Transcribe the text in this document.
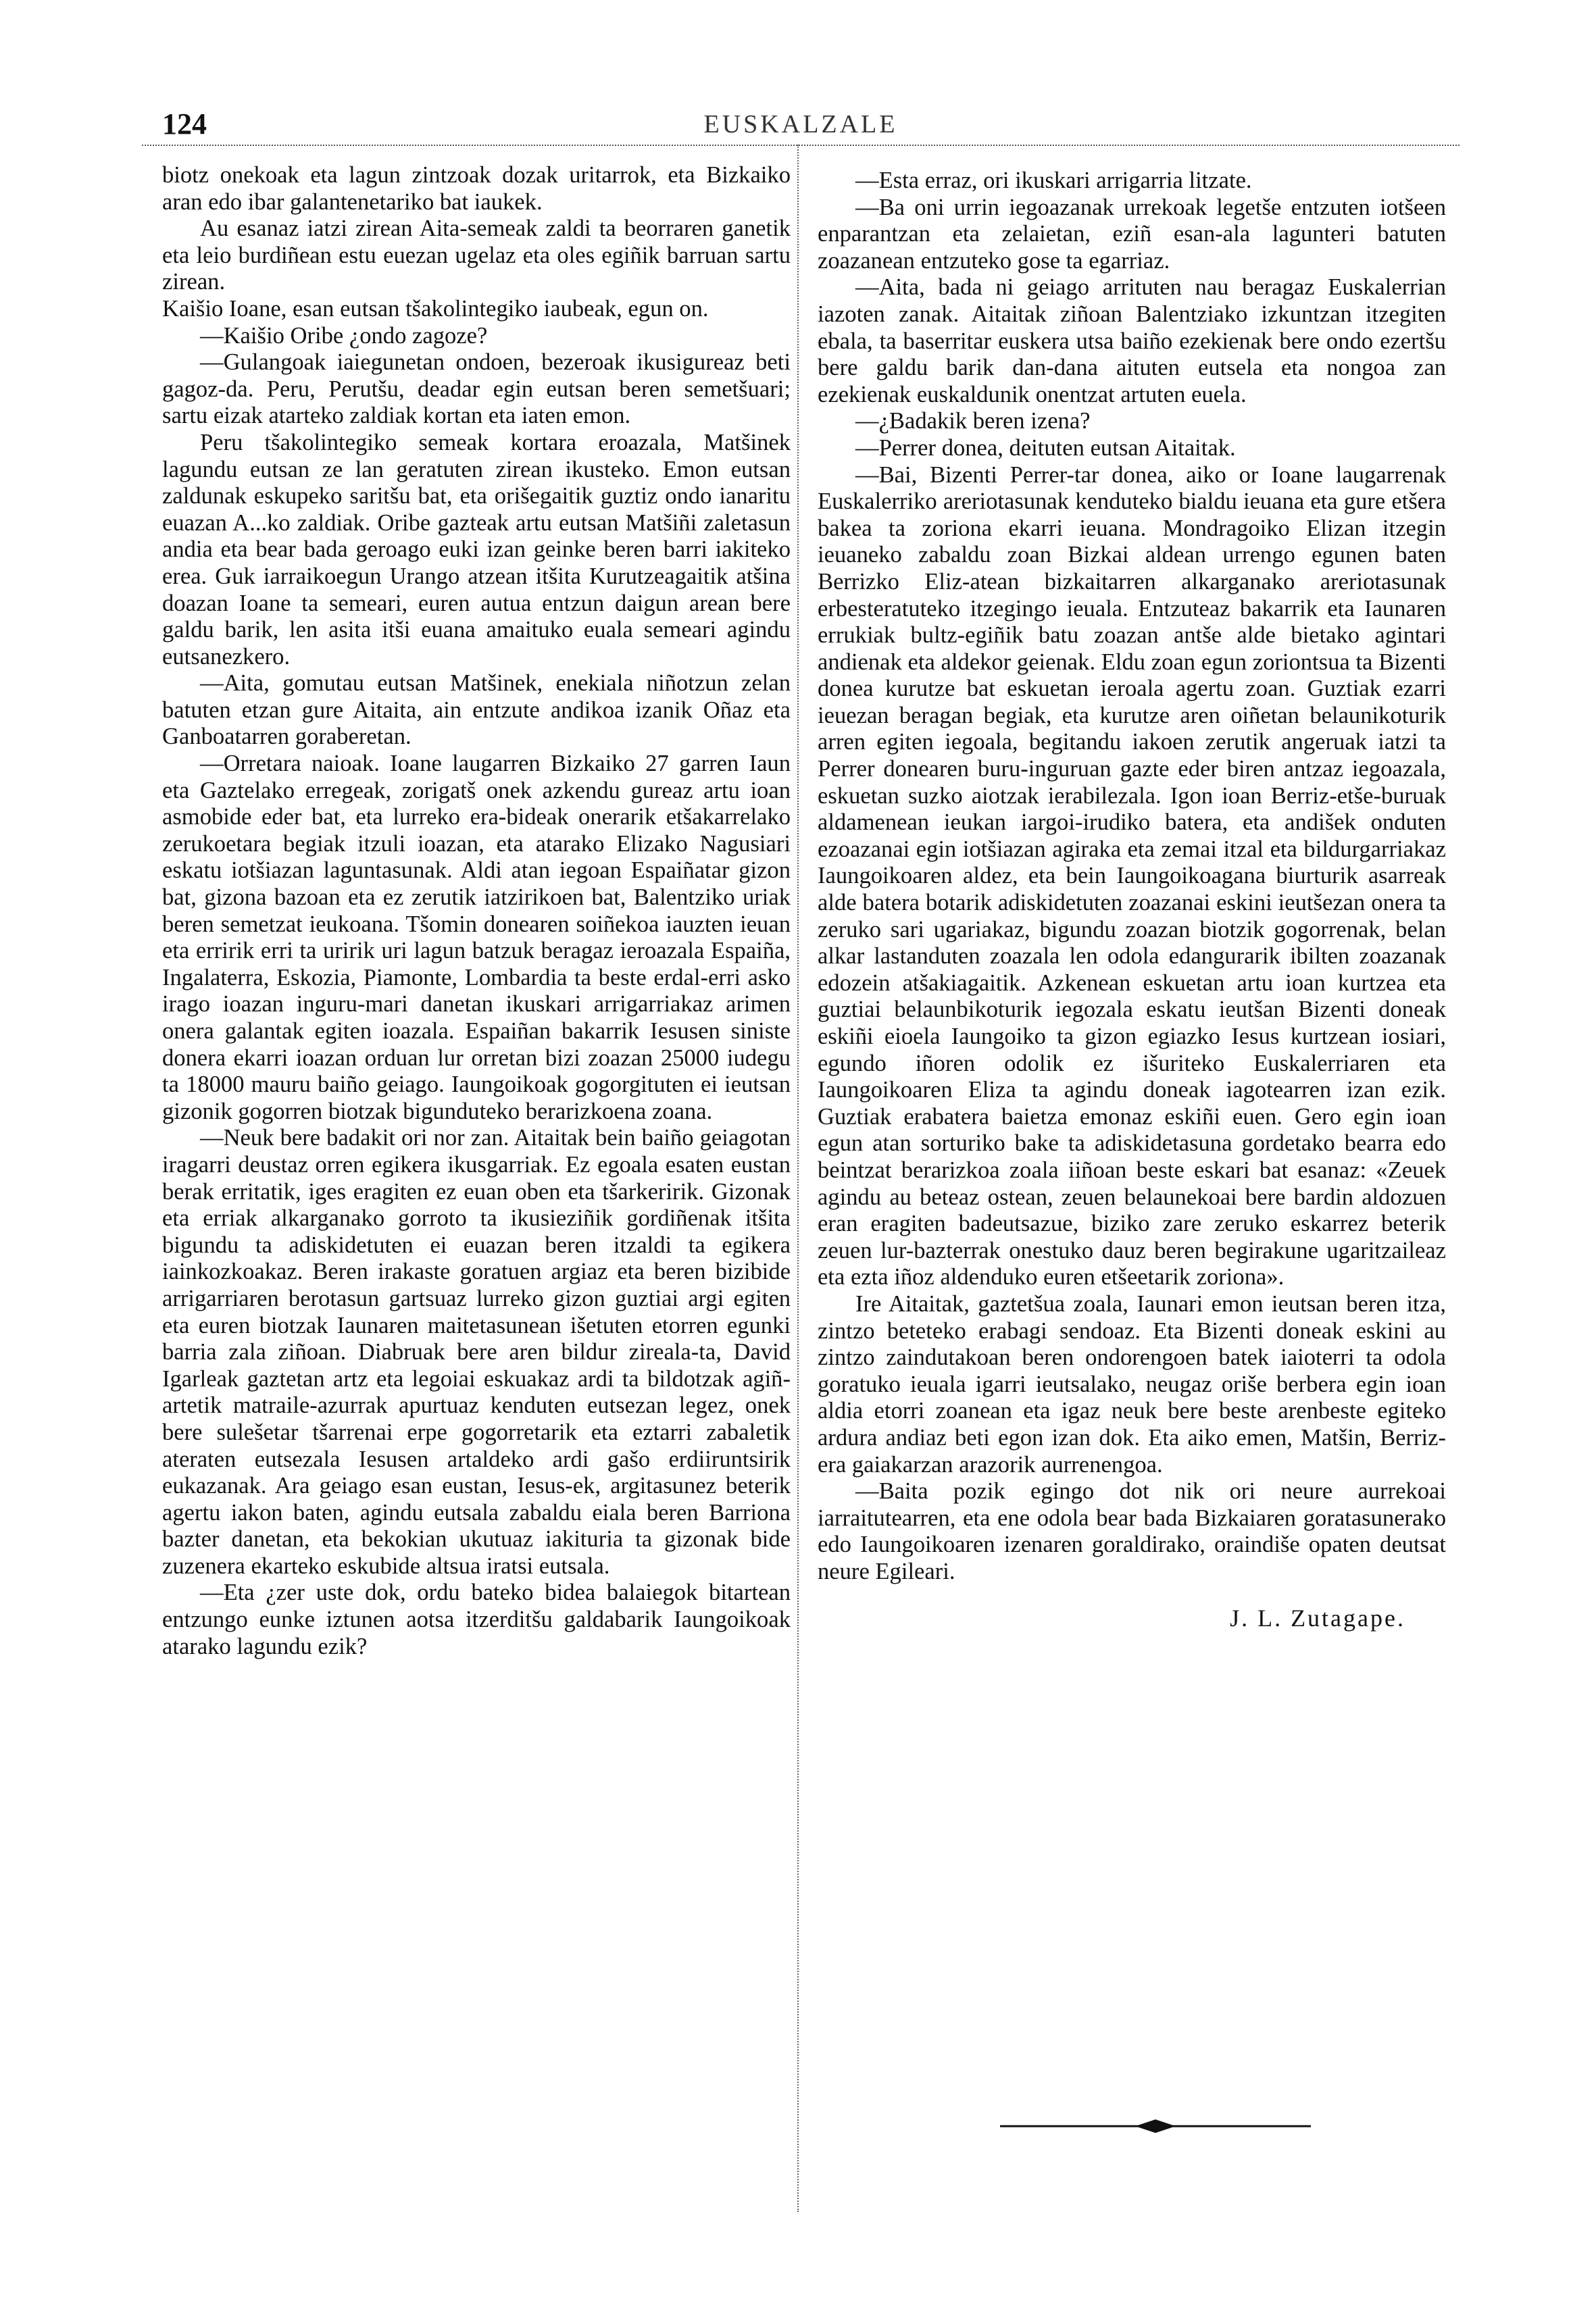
124	EUSKALZALE

biotz onekoak eta lagun zintzoak dozak uritarrok, eta Bizkaiko aran edo ibar galantenetariko bat iaukek.

Au esanaz iatzi zirean Aita-semeak zaldi ta beorraren ganetik eta leio burdiñean estu euezan ugelaz eta oles egiñik barruan sartu zirean.

Kaišio Ioane, esan eutsan tšakolintegiko iaubeak, egun on.

—Kaišio Oribe ¿ondo zagoze?

—Gulangoak iaiegunetan ondoen, bezeroak ikusigureaz beti gagoz-da. Peru, Perutšu, deadar egin eutsan beren semetšuari; sartu eizak atarteko zaldiak kortan eta iaten emon.

Peru tšakolintegiko semeak kortara eroazala, Matšinek lagundu eutsan ze lan geratuten zirean ikusteko. Emon eutsan zaldunak eskupeko saritšu bat, eta orišegaitik guztiz ondo ianaritu euazan A...ko zaldiak. Oribe gazteak artu eutsan Matšiñi zaletasun andia eta bear bada geroago euki izan geinke beren barri iakiteko erea. Guk iarraikoegun Urango atzean itšita Kurutzeagaitik atšina doazan Ioane ta semeari, euren autua entzun daigun arean bere galdu barik, len asita itši euana amaituko euala semeari agindu eutsanezkero.

—Aita, gomutau eutsan Matšinek, enekiala niñotzun zelan batuten etzan gure Aitaita, ain entzute andikoa izanik Oñaz eta Ganboatarren goraberetan.

—Orretara naioak. Ioane laugarren Bizkaiko 27 garren Iaun eta Gaztelako erregeak, zorigatš onek azkendu gureaz artu ioan asmobide eder bat, eta lurreko era-bideak onerarik etšakarrelako zerukoetara begiak itzuli ioazan, eta atarako Elizako Nagusiari eskatu iotšiazan laguntasunak. Aldi atan iegoan Espaiñatar gizon bat, gizona bazoan eta ez zerutik iatzirikoen bat, Balentziko uriak beren semetzat ieukoana. Tšomin donearen soiñekoa iauzten ieuan eta erririk erri ta uririk uri lagun batzuk beragaz ieroazala Espaiña, Ingalaterra, Eskozia, Piamonte, Lombardia ta beste erdal-erri asko irago ioazan inguru-mari danetan ikuskari arrigarriakaz arimen onera galantak egiten ioazala. Espaiñan bakarrik Iesusen siniste donera ekarri ioazan orduan lur orretan bizi zoazan 25000 iudegu ta 18000 mauru baiño geiago. Iaungoikoak gogorgituten ei ieutsan gizonik gogorren biotzak bigundutekо berarizkoena zoana.

—Neuk bere badakit ori nor zan. Aitaitak bein baiño geiagotan iragarri deustaz orren egikera ikusgarriak. Ez egoala esaten eustan berak erritatik, iges eragiten ez euan oben eta tšarkeririk. Gizonak eta erriak alkarganako gorroto ta ikusieziñik gordiñenak itšita bigundu ta adiskidetuten ei euazan beren itzaldi ta egikera iainkozkoakaz. Beren irakaste goratuen argiaz eta beren bizibide arrigarriaren berotasun gartsuaz lurreko gizon guztiai argi egiten eta euren biotzak Iaunaren maitetasunean išetuten etorren egunki barria zala ziñoan. Diabruak bere aren bildur zireala-ta, David Igarleak gaztetan artz eta legoiai eskuakaz ardi ta bildotzak agiñ-artetik matraile-azurrak apurtuaz kenduten eutsezan legez, onek bere sulešetar tšarrenai erpe gogorretarik eta eztarri zabaletik ateraten eutsezala Iesusen artaldeko ardi gašo erdiiruntsirik eukazanak. Ara geiago esan eustan, Iesus-ek, argitasunez beterik agertu iakon baten, agindu eutsala zabaldu eiala beren Barriona bazter danetan, eta bekokian ukutuaz iakituria ta gizonak bide zuzenera ekarteko eskubide altsua iratsi eutsala.

—Eta ¿zer uste dok, ordu bateko bidea balaiegok bitartean entzungo eunke iztunen aotsa itzerditšu galdabarik Iaungoikoak atarako lagundu ezik?

—Esta erraz, ori ikuskari arrigarria litzate.

—Ba oni urrin iegoazanak urrekoak legetše entzuten iotšeen enparantzan eta zelaietan, eziñ esan-ala lagunteri batuten zoazanean entzuteko gose ta egarriaz.

—Aita, bada ni geiago arrituten nau beragaz Euskalerrian iazoten zanak. Aitaitak ziñoan Balentziako izkuntzan itzegiten ebala, ta baserritar euskera utsa baiño ezekienak bere ondo ezertšu bere galdu barik dan-dana aituten eutsela eta nongoa zan ezekienak euskaldunik onentzat artuten euela.

—¿Badakik beren izena?

—Perrer donea, deituten eutsan Aitaitak.

—Bai, Bizenti Perrer-tar donea, aiko or Ioane laugarrenak Euskalerriko areriotasunak kenduteko bialdu ieuana eta gure etšera bakea ta zoriona ekarri ieuana. Mondragoiko Elizan itzegin ieuaneko zabaldu zoan Bizkai aldean urrengo egunen baten Berrizko Eliz-atean bizkaitarren alkarganako areriotasunak erbesteratuteko itzegingo ieuala. Entzuteaz bakarrik eta Iaunaren errukiak bultz-egiñik batu zoazan antše alde bietako agintari andienak eta aldekor geienak. Eldu zoan egun zoriontsua ta Bizenti donea kurutze bat eskuetan ieroala agertu zoan. Guztiak ezarri ieuezan beragan begiak, eta kurutze aren oiñetan belaunikoturik arren egiten iegoala, begitandu iakoen zerutik angeruak iatzi ta Perrer donearen buru-inguruan gazte eder biren antzaz iegoazala, eskuetan suzko aiotzak ierabilezala. Igon ioan Berriz-etše-buruak aldamenean ieukan iargoi-irudiko batera, eta andišek onduten ezoazanai egin iotšiazan agiraka eta zemai itzal eta bildurgarriakaz Iaungoikoaren aldez, eta bein Iaungoikoagana biurturik asarreak alde batera botarik adiskidetuten zoazanai eskini ieutšezan onera ta zeruko sari ugariakaz, bigundu zoazan biotzik gogorrenak, belan alkar lastanduten zoazala len odola edangurarik ibilten zoazanak edozein atšakiagaitik. Azkenean eskuetan artu ioan kurtzea eta guztiai belaunbikoturik iegozala eskatu ieutšan Bizenti doneak eskiñi eioela Iaungoiko ta gizon egiazko Iesus kurtzean iosiari, egundo iñoren odolik ez išuriteko Euskalerriaren eta Iaungoikoaren Eliza ta agindu doneak iagotearren izan ezik. Guztiak erabatera baietza emonaz eskiñi euen. Gero egin ioan egun atan sorturiko bake ta adiskidetasuna gordetako bearra edo beintzat berarizkoa zoala iiñoan beste eskari bat esanaz: «Zeuek agindu au beteaz ostean, zeuen belaunekoai bere bardin aldozuen eran eragiten badeutsazue, biziko zare zeruko eskarrez beterik zeuen lur-bazterrak onestuko dauz beren begirakune ugaritzaileaz eta ezta iñoz aldenduko euren etšeetarik zoriona».

Ire Aitaitak, gaztetšua zoala, Iaunari emon ieutsan beren itza, zintzo beteteko erabagi sendoaz. Eta Bizenti doneak eskini au zintzo zaindutakoan beren ondorengoen batek iaioterri ta odola goratuko ieuala igarri ieutsalako, neugaz oriše berbera egin ioan aldia etorri zoanean eta igaz neuk bere beste arenbeste egiteko ardura andiaz beti egon izan dok. Eta aiko emen, Matšin, Berriz-era gaiakarzan arazorik aurrenengoa.

—Baita pozik egingo dot nik ori neure aurrekoai iarraitutearren, eta ene odola bear bada Bizkaiaren goratasunerako edo Iaungoikoaren izenaren goraldirako, oraindiše opaten deutsat neure Egileari.

J. L. Zutagape.
